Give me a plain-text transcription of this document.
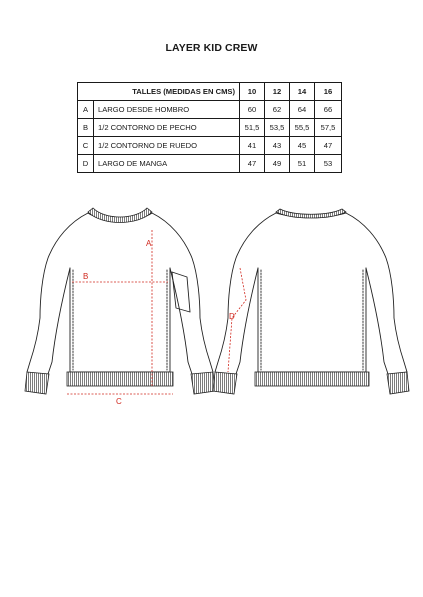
LAYER KID CREW
TALLES (MEDIDAS EN CMS)		10	12	14	16
A	LARGO DESDE HOMBRO	60	62	64	66
B	1/2 CONTORNO DE PECHO	51,5	53,5	55,5	57,5
C	1/2 CONTORNO DE RUEDO	41	43	45	47
D	LARGO DE MANGA	47	49	51	53
A
B
C
D
